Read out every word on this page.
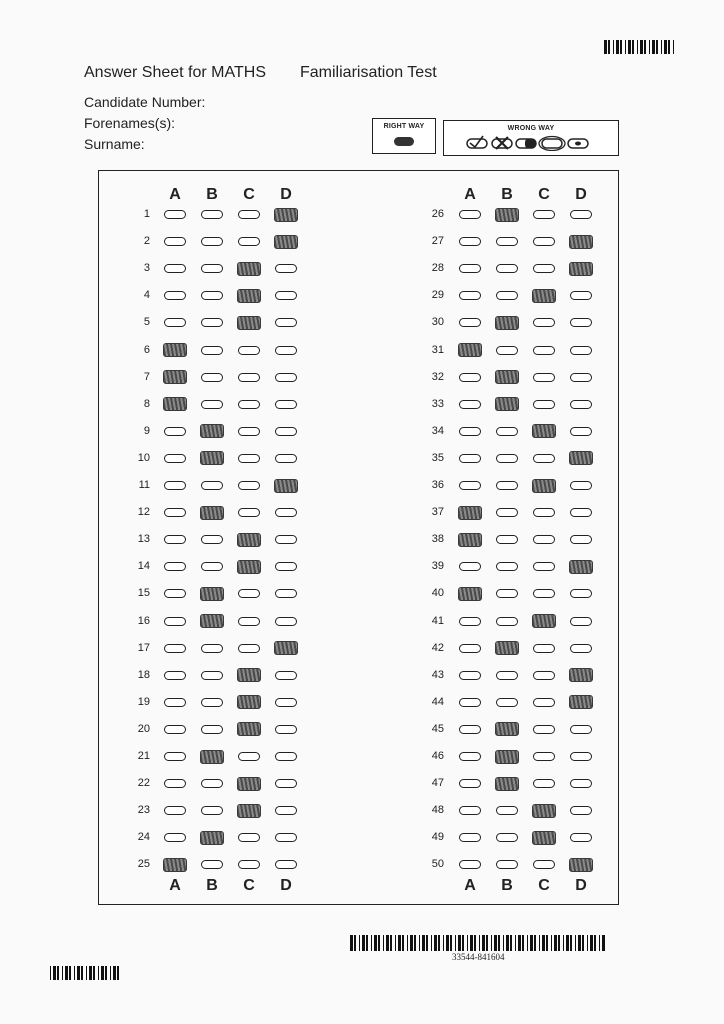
Answer Sheet for MATHS Familiarisation Test
Candidate Number:
Forenames(s):
Surname:
RIGHT WAY	WRONG WAY
A	B	C	D
A	B	C	D
1
2
3
4
5
6
7
8
9
10
11
12
13
14
15
16
17
18
19
20
21
22
23
24
25
A	B	C	D
A	B	C	D
26
27
28
29
30
31
32
33
34
35
36
37
38
39
40
41
42
43
44
45
46
47
48
49
50
33544-841604
